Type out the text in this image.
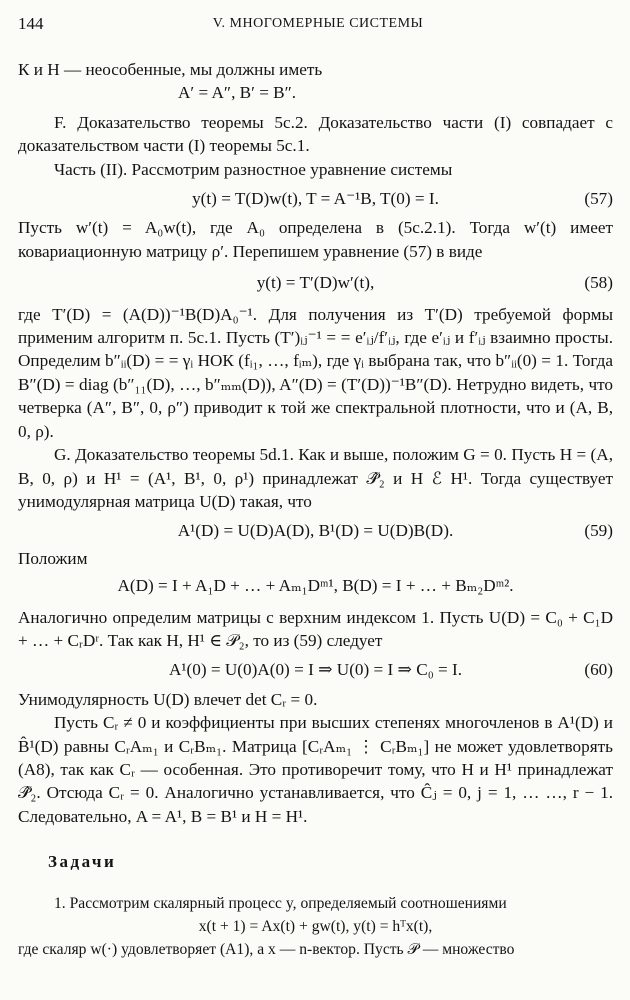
144	V. МНОГОМЕРНЫЕ СИСТЕМЫ

К и Н — неособенные, мы должны иметь

A′ = A″, B′ = B″.

F. Доказательство теоремы 5c.2. Доказательство части (I) совпадает с доказательством части (I) теоремы 5c.1.

Часть (II). Рассмотрим разностное уравнение системы

y(t) = T(D)w(t), T = A⁻¹B, T(0) = I.	(57)

Пусть w′(t) = A₀w(t), где A₀ определена в (5c.2.1). Тогда w′(t) имеет ковариационную матрицу ρ′. Перепишем уравнение (57) в виде

y(t) = T′(D)w′(t),	(58)

где T′(D) = (A(D))⁻¹B(D)A₀⁻¹. Для получения из T′(D) требуемой формы применим алгоритм п. 5c.1. Пусть (T′)ᵢⱼ⁻¹ = = e′ᵢⱼ/f′ᵢⱼ, где e′ᵢⱼ и f′ᵢⱼ взаимно просты. Определим b″ᵢᵢ(D) = = γᵢ НОК (fᵢ₁, …, fᵢₘ), где γᵢ выбрана так, что b″ᵢᵢ(0) = 1. Тогда B″(D) = diag (b″₁₁(D), …, b″ₘₘ(D)), A″(D) = (T′(D))⁻¹B″(D). Нетрудно видеть, что четверка (A″, B″, 0, ρ″) приводит к той же спектральной плотности, что и (A, B, 0, ρ).

G. Доказательство теоремы 5d.1. Как и выше, положим G = 0. Пусть H = (A, B, 0, ρ) и H¹ = (A¹, B¹, 0, ρ¹) принадлежат 𝒫̂₂ и H ℰ H¹. Тогда существует унимодулярная матрица U(D) такая, что

A¹(D) = U(D)A(D), B¹(D) = U(D)B(D).	(59)

Положим

A(D) = I + A₁D + … + Aₘ₁Dᵐ¹, B(D) = I + … + Bₘ₂Dᵐ².

Аналогично определим матрицы с верхним индексом 1. Пусть U(D) = C₀ + C₁D + … + CᵣDʳ. Так как H, H¹ ∈ 𝒫₂, то из (59) следует

A¹(0) = U(0)A(0) = I ⇒ U(0) = I ⇒ C₀ = I.	(60)

Унимодулярность U(D) влечет det Cᵣ = 0.

Пусть Cᵣ ≠ 0 и коэффициенты при высших степенях многочленов в A¹(D) и B̂¹(D) равны CᵣAₘ₁ и CᵣBₘ₁. Матрица [CᵣAₘ₁ ⋮ CᵣBₘ₁] не может удовлетворять (A8), так как Cᵣ — особенная. Это противоречит тому, что H и H¹ принадлежат 𝒫̂₂. Отсюда Cᵣ = 0. Аналогично устанавливается, что Ĉⱼ = 0, j = 1, … …, r − 1. Следовательно, A = A¹, B = B¹ и H = H¹.

Задачи

1. Рассмотрим скалярный процесс y, определяемый соотношениями

x(t + 1) = Ax(t) + gw(t), y(t) = hᵀx(t),

где скаляр w(·) удовлетворяет (A1), а x — n-вектор. Пусть 𝒫 — множество
